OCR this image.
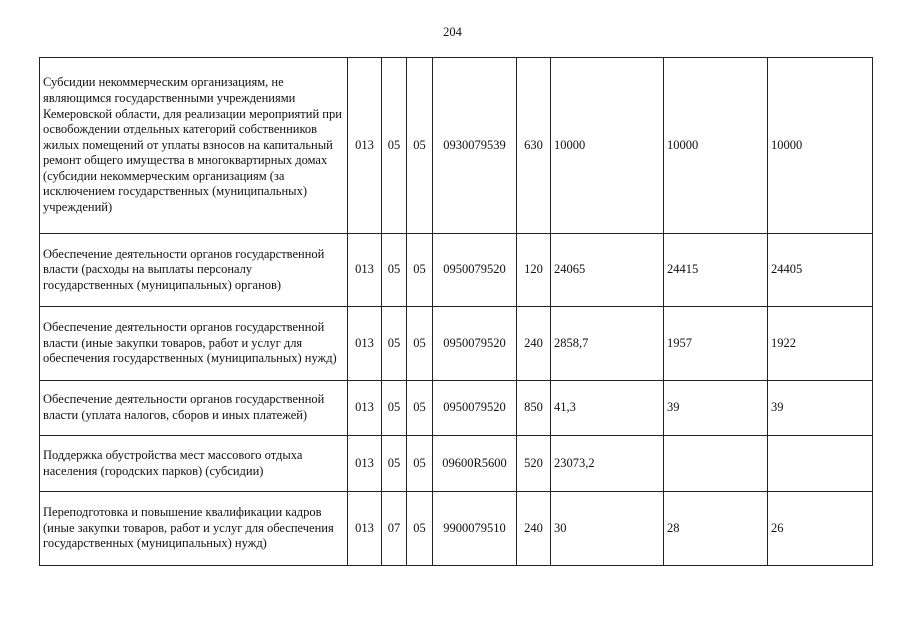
204
Субсидии некоммерческим организациям, не являющимся государственными учреждениями Кемеровской области, для реализации мероприятий при освобождении отдельных категорий собственников жилых помещений от уплаты взносов на капитальный ремонт общего имущества в многоквартирных домах (субсидии некоммерческим организациям (за исключением государственных (муниципальных) учреждений)	013	05	05	0930079539	630	10000	10000	10000
Обеспечение деятельности органов государственной власти (расходы на выплаты персоналу государственных (муниципальных) органов)	013	05	05	0950079520	120	24065	24415	24405
Обеспечение деятельности органов государственной власти (иные закупки товаров, работ и услуг для обеспечения государственных (муниципальных) нужд)	013	05	05	0950079520	240	2858,7	1957	1922
Обеспечение деятельности органов государственной власти (уплата налогов, сборов и иных платежей)	013	05	05	0950079520	850	41,3	39	39
Поддержка обустройства мест массового отдыха населения (городских парков) (субсидии)	013	05	05	09600R5600	520	23073,2		
Переподготовка и повышение квалификации кадров (иные закупки товаров, работ и услуг для обеспечения государственных (муниципальных) нужд)	013	07	05	9900079510	240	30	28	26
